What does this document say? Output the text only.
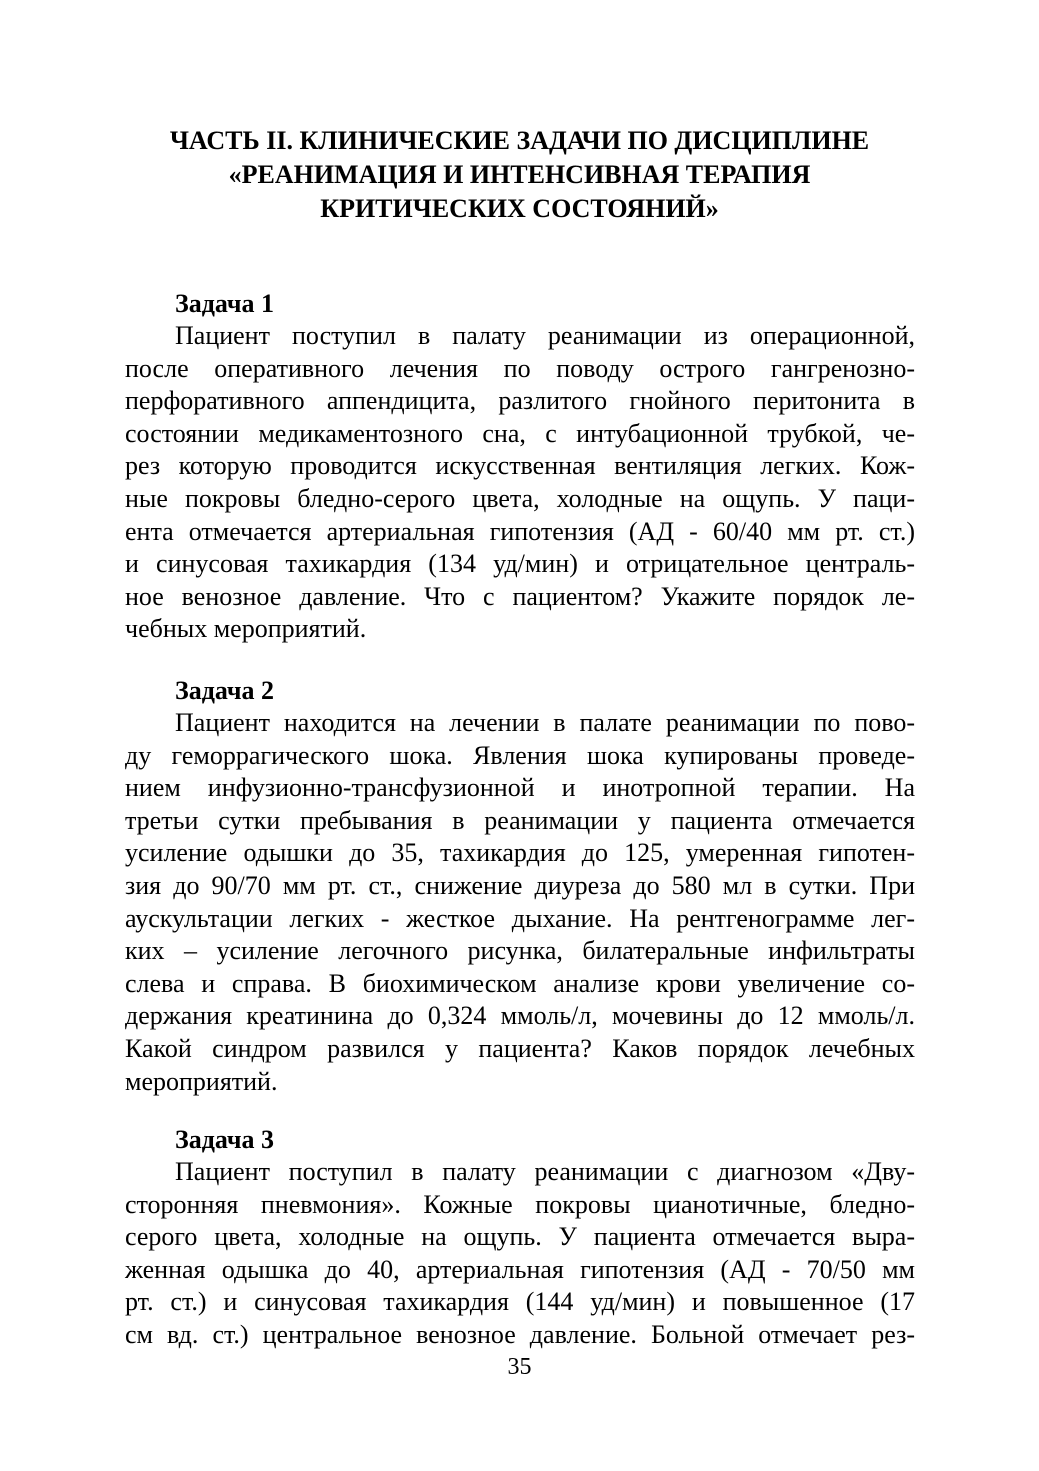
ЧАСТЬ II. КЛИНИЧЕСКИЕ ЗАДАЧИ ПО ДИСЦИПЛИНЕ
«РЕАНИМАЦИЯ И ИНТЕНСИВНАЯ ТЕРАПИЯ
КРИТИЧЕСКИХ СОСТОЯНИЙ»
Задача 1

Пациент поступил в палату реанимации из операционной,
после оперативного лечения по поводу острого гангренозно-
перфоративного аппендицита, разлитого гнойного перитонита в
состоянии медикаментозного сна, с интубационной трубкой, че-
рез которую проводится искусственная вентиляция легких. Кож-
ные покровы бледно-серого цвета, холодные на ощупь. У паци-
ента отмечается артериальная гипотензия (АД - 60/40 мм рт. ст.)
и синусовая тахикардия (134 уд/мин) и отрицательное централь-
ное венозное давление. Что с пациентом? Укажите порядок ле-
чебных мероприятий.

Задача 2

Пациент находится на лечении в палате реанимации по пово-
ду геморрагического шока. Явления шока купированы проведе-
нием инфузионно-трансфузионной и инотропной терапии. На
третьи сутки пребывания в реанимации у пациента отмечается
усиление одышки до 35, тахикардия до 125, умеренная гипотен-
зия до 90/70 мм рт. ст., снижение диуреза до 580 мл в сутки. При
аускультации легких - жесткое дыхание. На рентгенограмме лег-
ких – усиление легочного рисунка, билатеральные инфильтраты
слева и справа. В биохимическом анализе крови увеличение со-
держания креатинина до 0,324 ммоль/л, мочевины до 12 ммоль/л.
Какой синдром развился у пациента? Каков порядок лечебных
мероприятий.

Задача 3

Пациент поступил в палату реанимации с диагнозом «Дву-
сторонняя пневмония». Кожные покровы цианотичные, бледно-
серого цвета, холодные на ощупь. У пациента отмечается выра-
женная одышка до 40, артериальная гипотензия (АД - 70/50 мм
рт. ст.) и синусовая тахикардия (144 уд/мин) и повышенное (17
см вд. ст.) центральное венозное давление. Больной отмечает рез-

35
